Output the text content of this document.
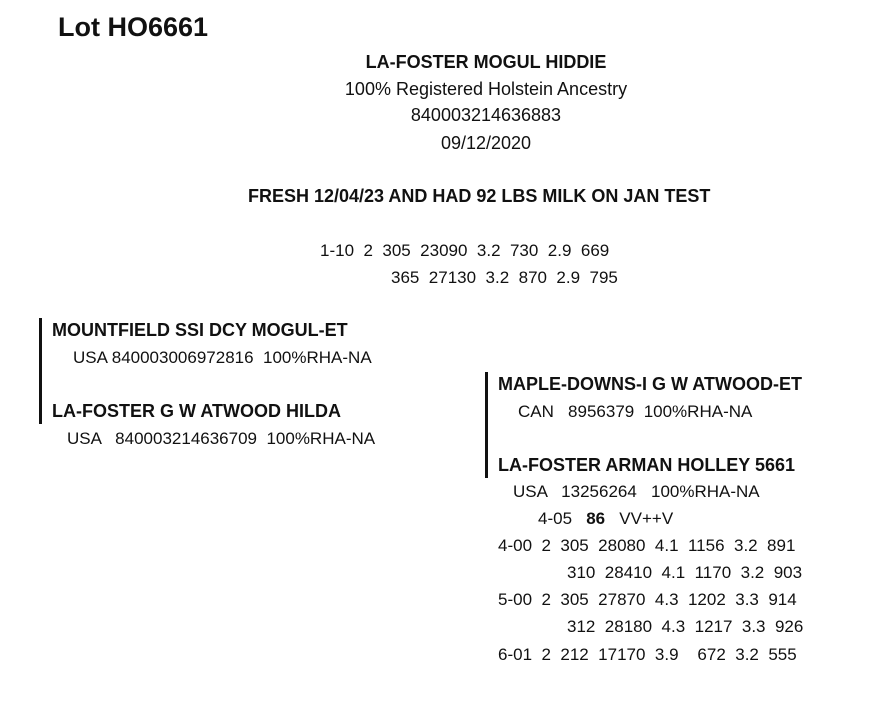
Lot HO6661
LA-FOSTER MOGUL HIDDIE
100% Registered Holstein Ancestry
840003214636883
09/12/2020
FRESH 12/04/23 AND HAD 92 LBS MILK ON JAN TEST
1-10  2  305  23090  3.2  730  2.9  669
365  27130  3.2  870  2.9  795
MOUNTFIELD SSI DCY MOGUL-ET
USA 840003006972816  100%RHA-NA
LA-FOSTER G W ATWOOD HILDA
USA   840003214636709  100%RHA-NA
MAPLE-DOWNS-I G W ATWOOD-ET
CAN   8956379  100%RHA-NA
LA-FOSTER ARMAN HOLLEY 5661
USA   13256264   100%RHA-NA
4-05 86 VV++V
4-00  2  305  28080  4.1  1156  3.2  891
310  28410  4.1  1170  3.2  903
5-00  2  305  27870  4.3  1202  3.3  914
312  28180  4.3  1217  3.3  926
6-01  2  212  17170  3.9    672  3.2  555
